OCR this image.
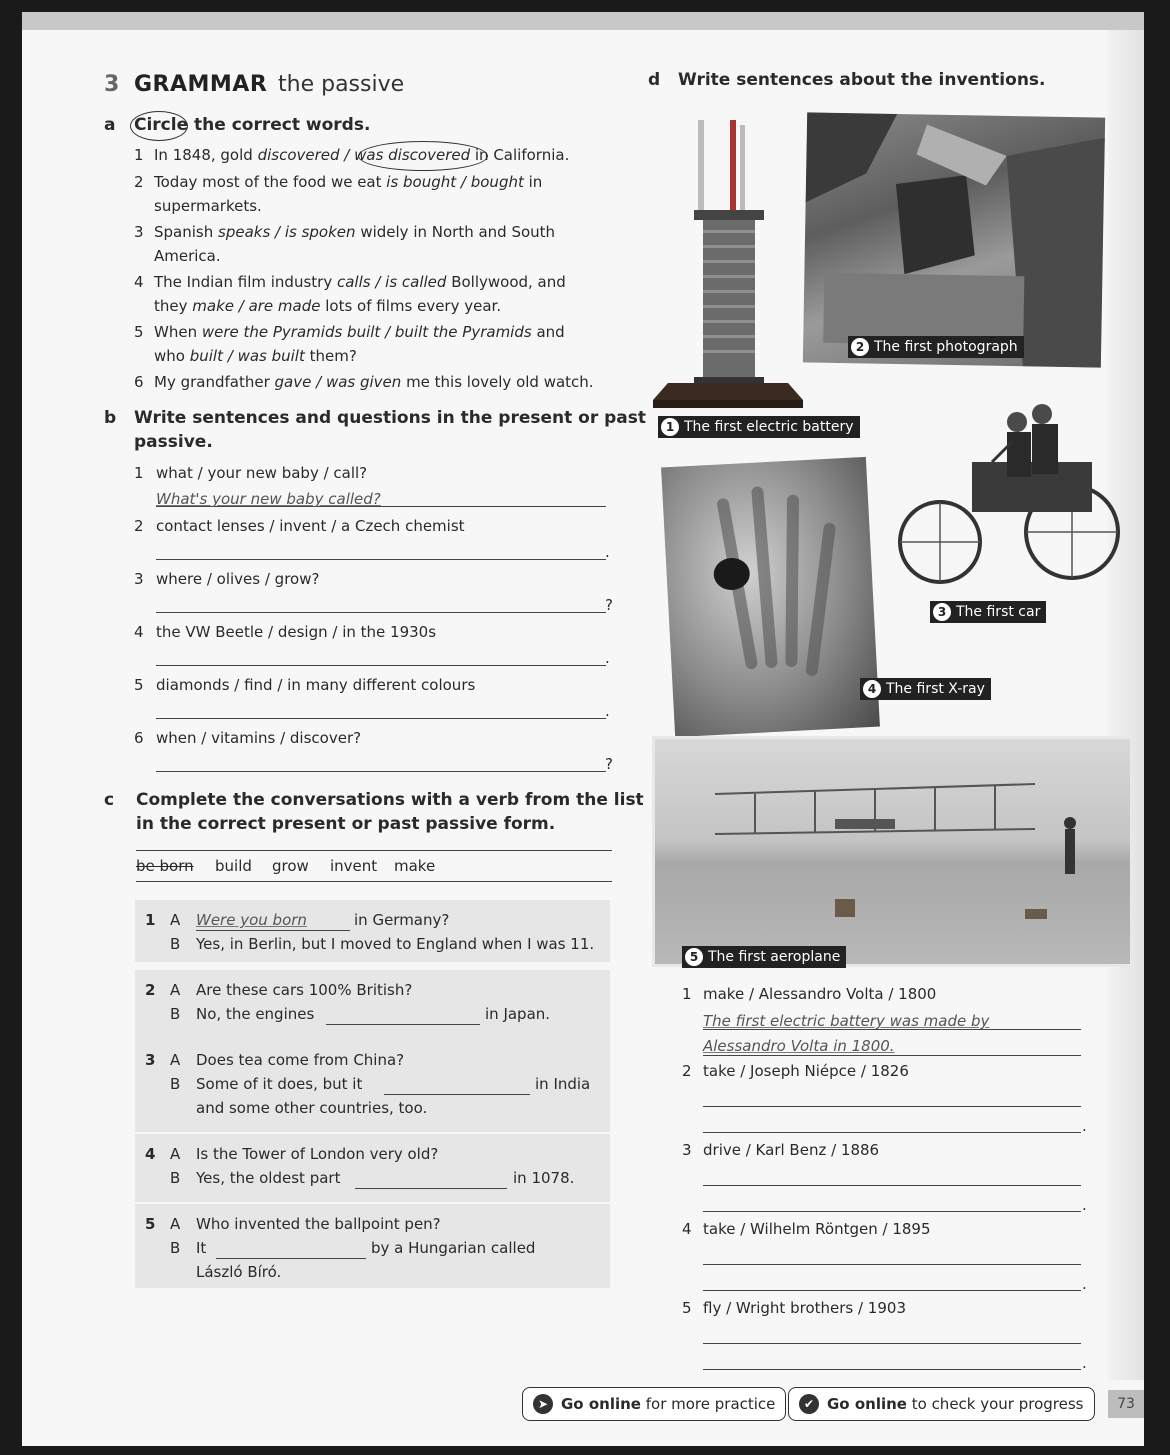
3 GRAMMAR the passive
a Circle the correct words.
1 In 1848, gold discovered / was discovered in California.
2 Today most of the food we eat is bought / bought in
supermarkets.
3 Spanish speaks / is spoken widely in North and South
America.
4 The Indian film industry calls / is called Bollywood, and
they make / are made lots of films every year.
5 When were the Pyramids built / built the Pyramids and
who built / was built them?
6 My grandfather gave / was given me this lovely old watch.
b Write sentences and questions in the present or past
passive.
1 what / your new baby / call?
What's your new baby called?
2 contact lenses / invent / a Czech chemist
.
3 where / olives / grow?
?
4 the VW Beetle / design / in the 1930s
.
5 diamonds / find / in many different colours
.
6 when / vitamins / discover?
?
c Complete the conversations with a verb from the list
in the correct present or past passive form.
be born build grow invent make
1 A Were you born	in Germany?
B Yes, in Berlin, but I moved to England when I was 11.
2 A Are these cars 100% British?
B No, the engines	in Japan.
3 A Does tea come from China?
B Some of it does, but it	in India
and some other countries, too.
4 A Is the Tower of London very old?
B Yes, the oldest part	in 1078.
5 A Who invented the ballpoint pen?
B It	by a Hungarian called
László Bíró.
d Write sentences about the inventions.
2 The first photograph
1 The first electric battery
4 The first X-ray
3 The first car
5 The first aeroplane
1 make / Alessandro Volta / 1800
The first electric battery was made by
Alessandro Volta in 1800.
2 take / Joseph Niépce / 1826
.
3 drive / Karl Benz / 1886
.
4 take / Wilhelm Röntgen / 1895
.
5 fly / Wright brothers / 1903
.
➤ Go online for more practice	✔ Go online to check your progress	73
